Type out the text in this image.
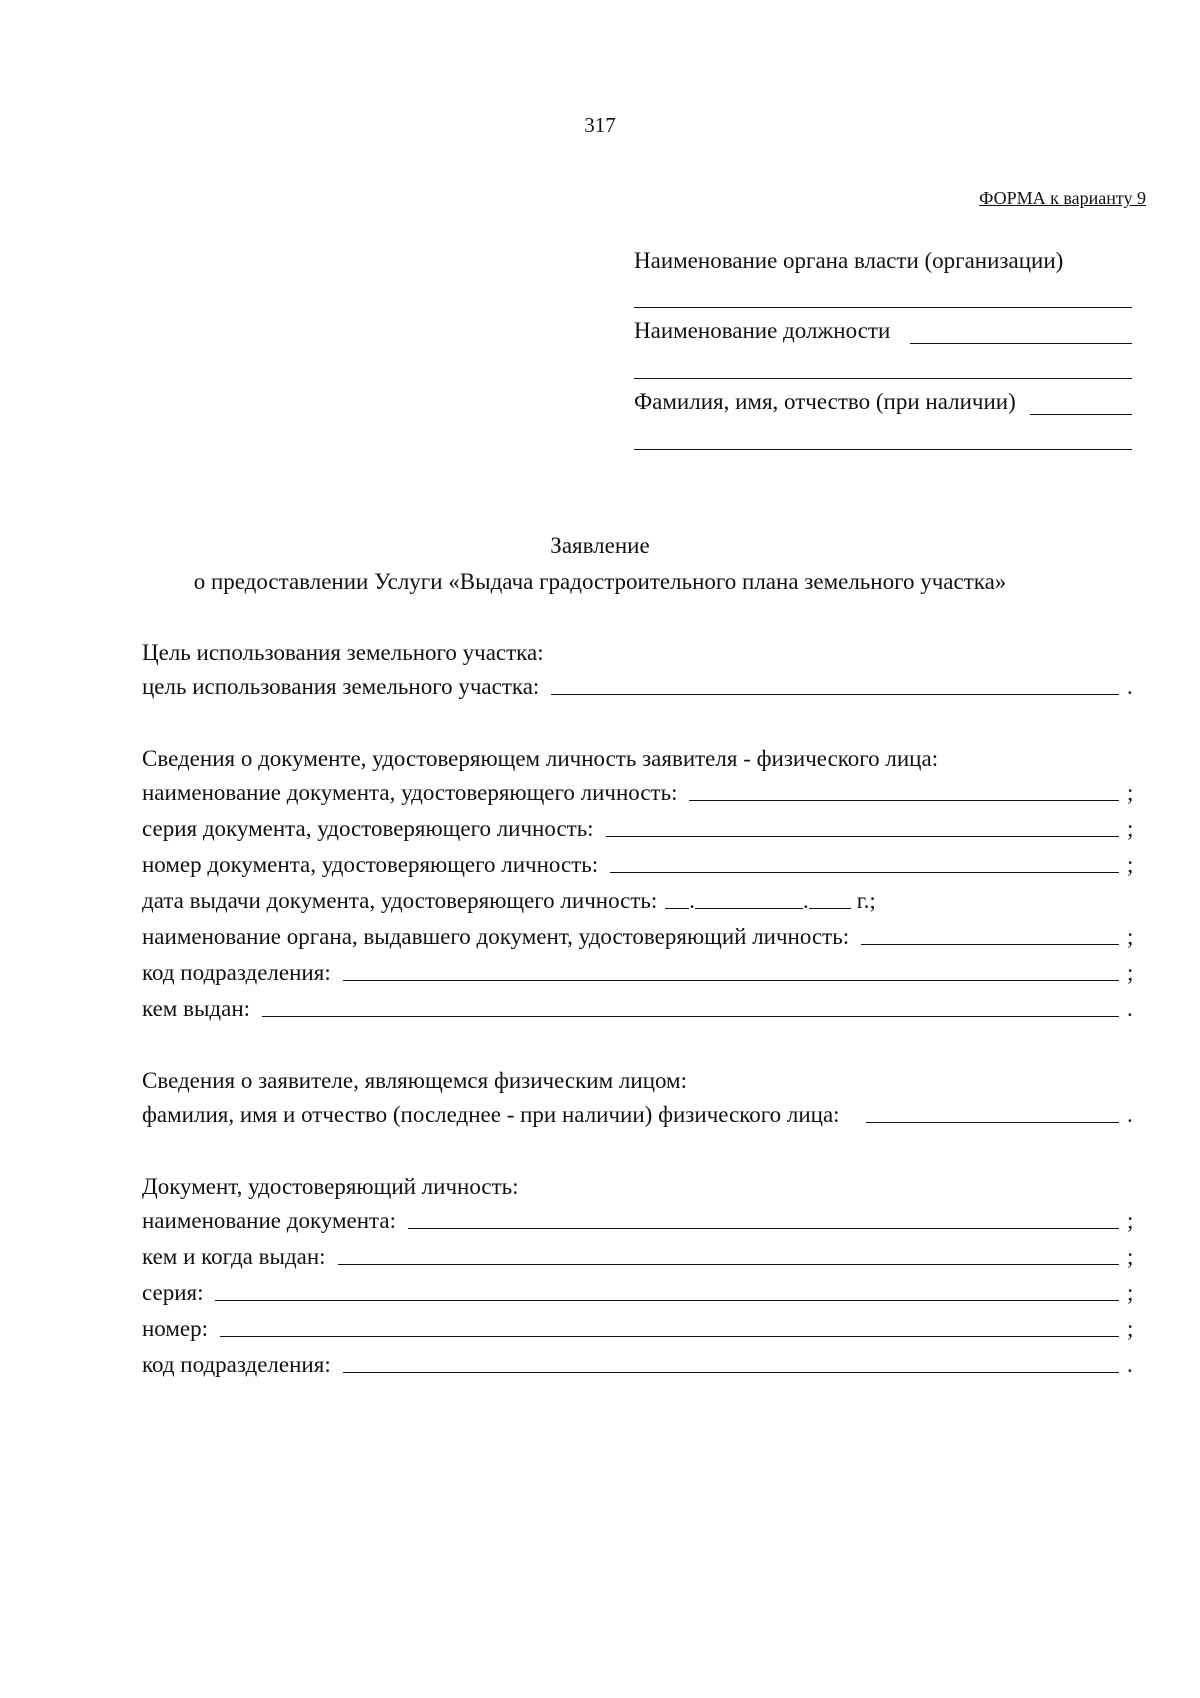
317
ФОРМА к варианту 9
Наименование органа власти (организации)
Наименование должности
Фамилия, имя, отчество (при наличии)
Заявление
о предоставлении Услуги «Выдача градостроительного плана земельного участка»
Цель использования земельного участка:
цель использования земельного участка:	.
Сведения о документе, удостоверяющем личность заявителя - физического лица:
наименование документа, удостоверяющего личность:	;
серия документа, удостоверяющего личность:	;
номер документа, удостоверяющего личность:	;
дата выдачи документа, удостоверяющего личность: .	. г.;
наименование органа, выдавшего документ, удостоверяющий личность:	;
код подразделения:	;
кем выдан:	.
Сведения о заявителе, являющемся физическим лицом:
фамилия, имя и отчество (последнее - при наличии) физического лица:	.
Документ, удостоверяющий личность:
наименование документа:	;
кем и когда выдан:	;
серия:	;
номер:	;
код подразделения:	.
